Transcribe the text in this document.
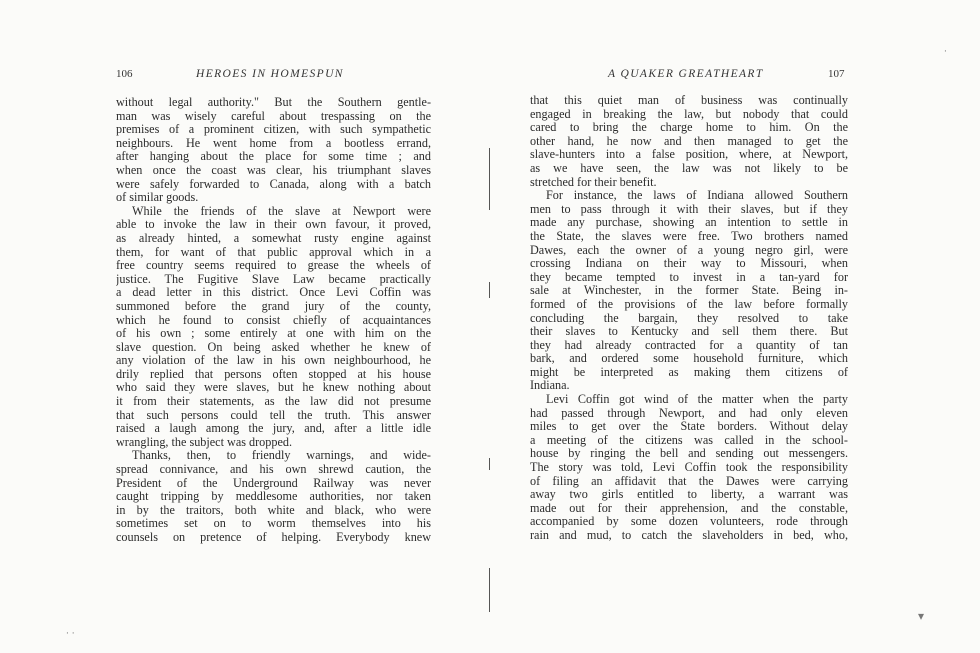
106	HEROES IN HOMESPUN
without legal authority." But the Southern gentle-
man was wisely careful about trespassing on the
premises of a prominent citizen, with such sympathetic
neighbours. He went home from a bootless errand,
after hanging about the place for some time ; and
when once the coast was clear, his triumphant slaves
were safely forwarded to Canada, along with a batch
of similar goods.
While the friends of the slave at Newport were
able to invoke the law in their own favour, it proved,
as already hinted, a somewhat rusty engine against
them, for want of that public approval which in a
free country seems required to grease the wheels of
justice. The Fugitive Slave Law became practically
a dead letter in this district. Once Levi Coffin was
summoned before the grand jury of the county,
which he found to consist chiefly of acquaintances
of his own ; some entirely at one with him on the
slave question. On being asked whether he knew of
any violation of the law in his own neighbourhood, he
drily replied that persons often stopped at his house
who said they were slaves, but he knew nothing about
it from their statements, as the law did not presume
that such persons could tell the truth. This answer
raised a laugh among the jury, and, after a little idle
wrangling, the subject was dropped.
Thanks, then, to friendly warnings, and wide-
spread connivance, and his own shrewd caution, the
President of the Underground Railway was never
caught tripping by meddlesome authorities, nor taken
in by the traitors, both white and black, who were
sometimes set on to worm themselves into his
counsels on pretence of helping. Everybody knew
A QUAKER GREATHEART	107
that this quiet man of business was continually
engaged in breaking the law, but nobody that could
cared to bring the charge home to him. On the
other hand, he now and then managed to get the
slave-hunters into a false position, where, at Newport,
as we have seen, the law was not likely to be
stretched for their benefit.
For instance, the laws of Indiana allowed Southern
men to pass through it with their slaves, but if they
made any purchase, showing an intention to settle in
the State, the slaves were free. Two brothers named
Dawes, each the owner of a young negro girl, were
crossing Indiana on their way to Missouri, when
they became tempted to invest in a tan-yard for
sale at Winchester, in the former State. Being in-
formed of the provisions of the law before formally
concluding the bargain, they resolved to take
their slaves to Kentucky and sell them there. But
they had already contracted for a quantity of tan
bark, and ordered some household furniture, which
might be interpreted as making them citizens of
Indiana.
Levi Coffin got wind of the matter when the party
had passed through Newport, and had only eleven
miles to get over the State borders. Without delay
a meeting of the citizens was called in the school-
house by ringing the bell and sending out messengers.
The story was told, Levi Coffin took the responsibility
of filing an affidavit that the Dawes were carrying
away two girls entitled to liberty, a warrant was
made out for their apprehension, and the constable,
accompanied by some dozen volunteers, rode through
rain and mud, to catch the slaveholders in bed, who,
·
▾
· ·
